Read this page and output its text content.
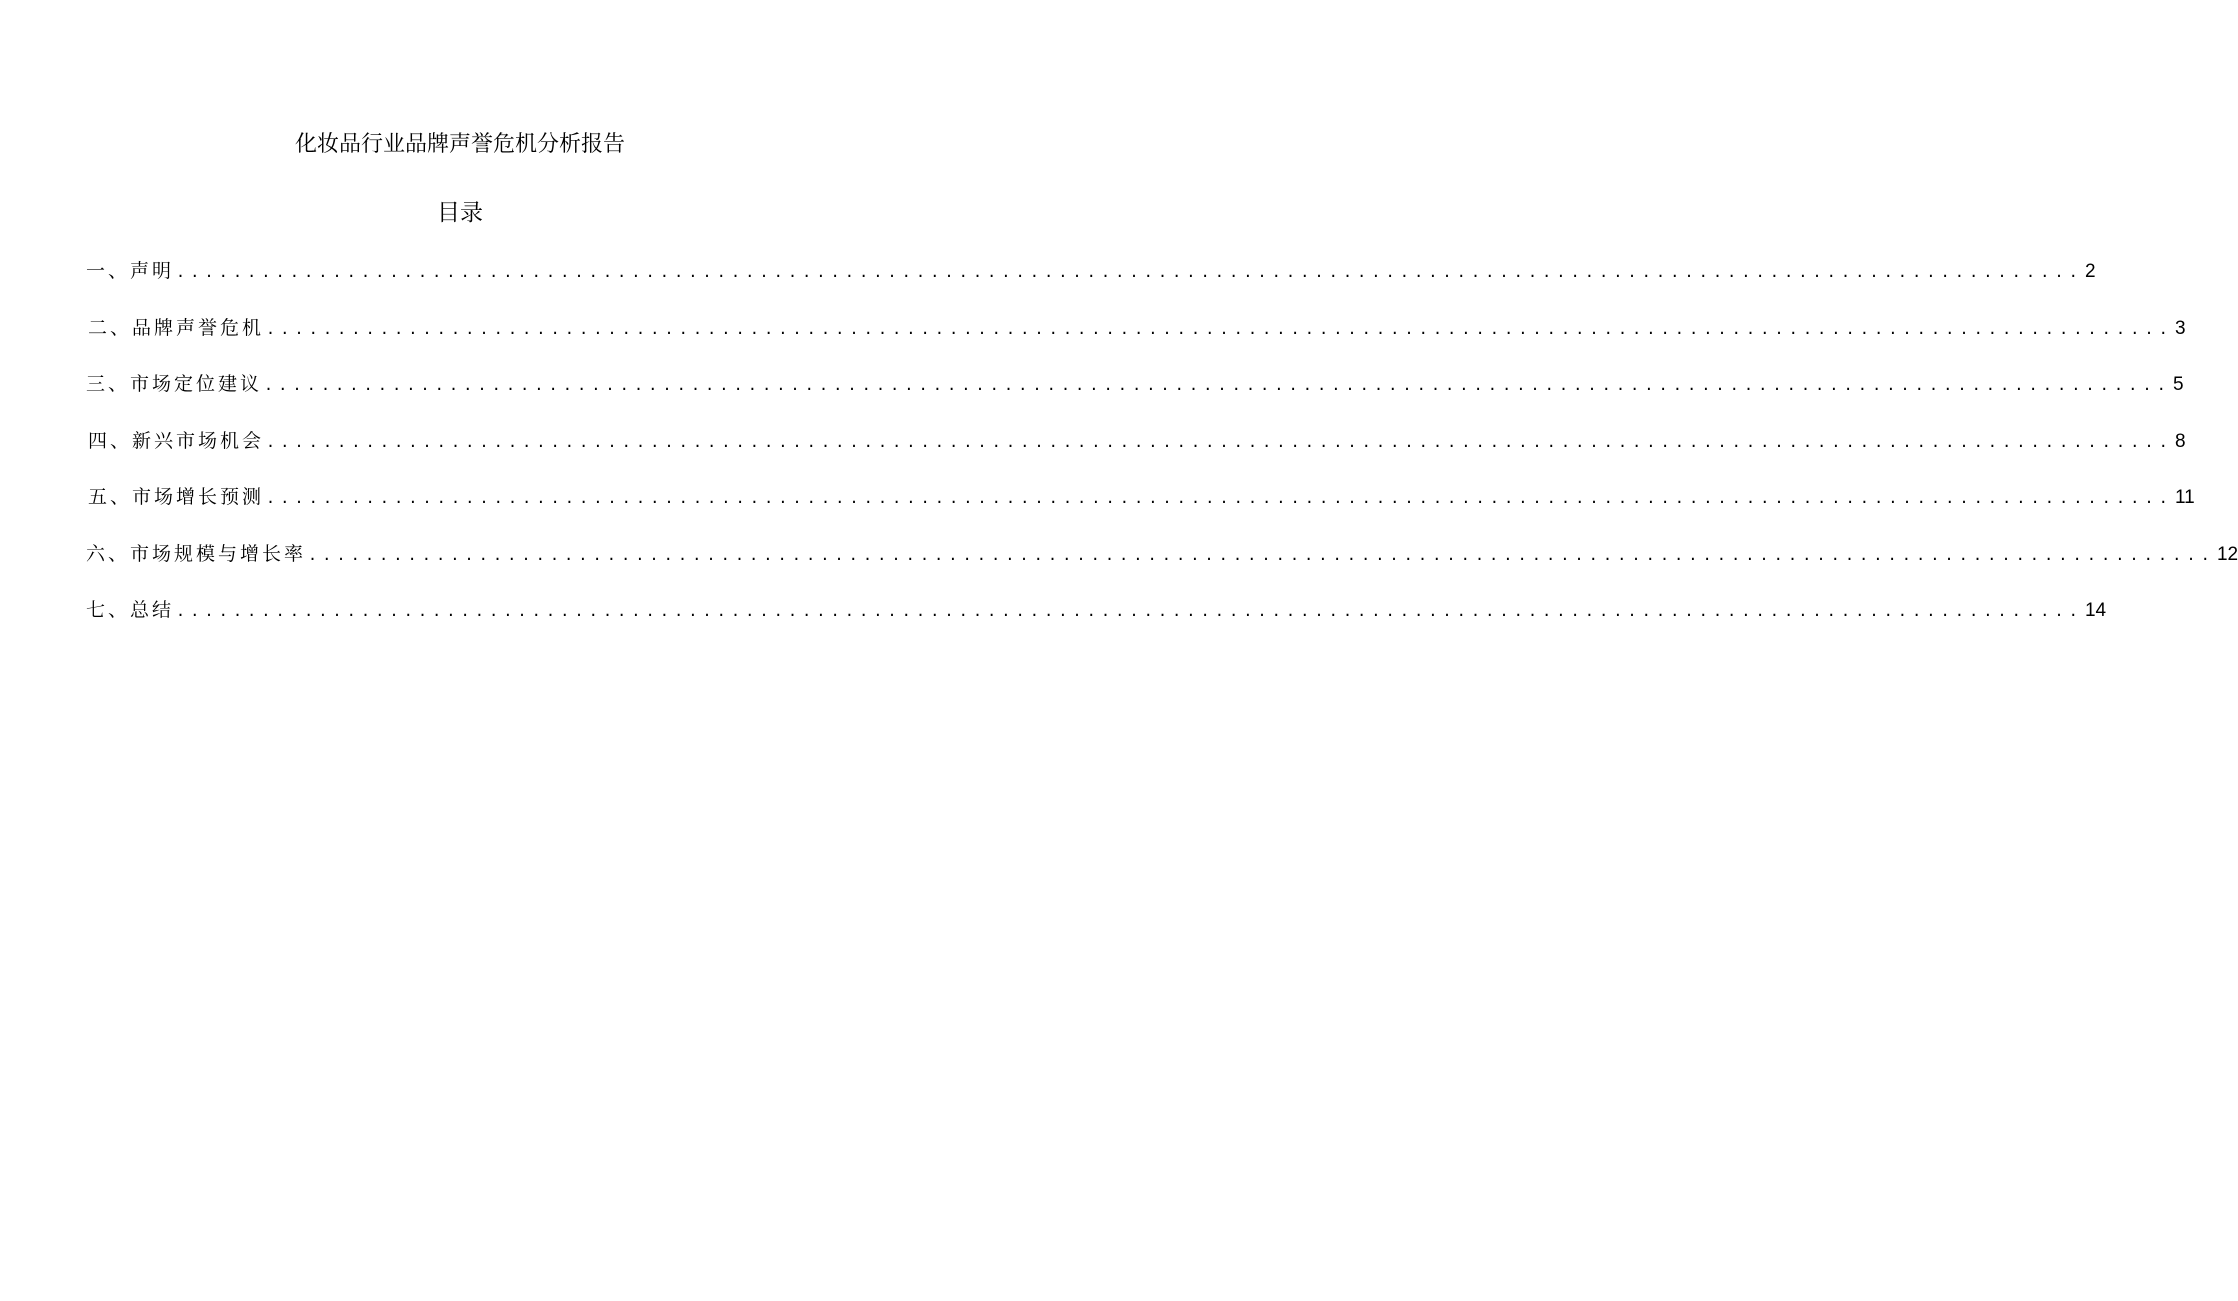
化妆品行业品牌声誉危机分析报告
目录
一、声明 ...................................................................................................................................... 2
二、品牌声誉危机 ...................................................................................................................................... 3
三、市场定位建议 ...................................................................................................................................... 5
四、新兴市场机会 ...................................................................................................................................... 8
五、市场增长预测 ...................................................................................................................................... 11
六、市场规模与增长率 ...................................................................................................................................... 12
七、总结 ...................................................................................................................................... 14
